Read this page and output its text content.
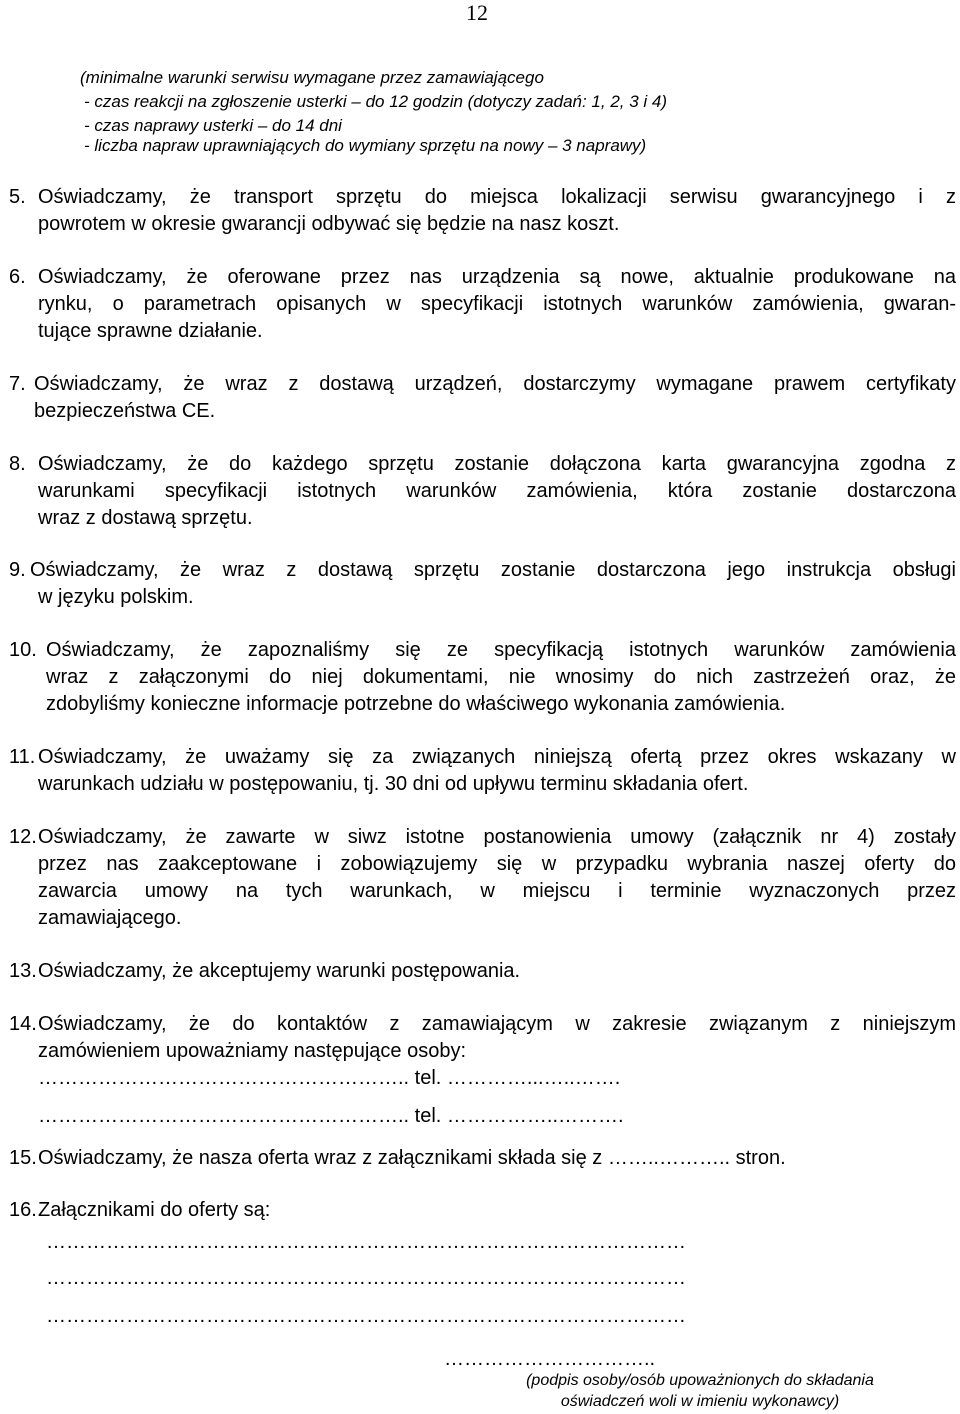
12
(minimalne warunki serwisu wymagane przez zamawiającego
- czas reakcji na zgłoszenie usterki – do 12 godzin (dotyczy zadań: 1, 2, 3 i 4)
- czas naprawy usterki – do 14 dni
- liczba napraw uprawniających do wymiany sprzętu na nowy – 3 naprawy)
5. Oświadczamy, że transport sprzętu do miejsca lokalizacji serwisu gwarancyjnego i z
powrotem w okresie gwarancji odbywać się będzie na nasz koszt.
6. Oświadczamy, że oferowane przez nas urządzenia są nowe, aktualnie produkowane na
rynku, o parametrach opisanych w specyfikacji istotnych warunków zamówienia, gwaran-
tujące sprawne działanie.
7. Oświadczamy, że wraz z dostawą urządzeń, dostarczymy wymagane prawem certyfikaty
bezpieczeństwa CE.
8. Oświadczamy, że do każdego sprzętu zostanie dołączona karta gwarancyjna zgodna z
warunkami specyfikacji istotnych warunków zamówienia, która zostanie dostarczona
wraz z dostawą sprzętu.
9. Oświadczamy, że wraz z dostawą sprzętu zostanie dostarczona jego instrukcja obsługi
w języku polskim.
10. Oświadczamy, że zapoznaliśmy się ze specyfikacją istotnych warunków zamówienia
wraz z załączonymi do niej dokumentami, nie wnosimy do nich zastrzeżeń oraz, że
zdobyliśmy konieczne informacje potrzebne do właściwego wykonania zamówienia.
11. Oświadczamy, że uważamy się za związanych niniejszą ofertą przez okres wskazany w
warunkach udziału w postępowaniu, tj. 30 dni od upływu terminu składania ofert.
12. Oświadczamy, że zawarte w siwz istotne postanowienia umowy (załącznik nr 4) zostały
przez nas zaakceptowane i zobowiązujemy się w przypadku wybrania naszej oferty do
zawarcia umowy na tych warunkach, w miejscu i terminie wyznaczonych przez
zamawiającego.
13. Oświadczamy, że akceptujemy warunki postępowania.
14. Oświadczamy, że do kontaktów z zamawiającym w zakresie związanym z niniejszym
zamówieniem upoważniamy następujące osoby:
……………………………………………….. tel. …………...…..…….
……………………………………………….. tel. ……………..……….
15. Oświadczamy, że nasza oferta wraz z załącznikami składa się z ……..……….. stron.
16. Załącznikami do oferty są:
……………………………………………………………………………………
……………………………………………………………………………………
……………………………………………………………………………………
…………………………..
(podpis osoby/osób upoważnionych do składania
oświadczeń woli w imieniu wykonawcy)
